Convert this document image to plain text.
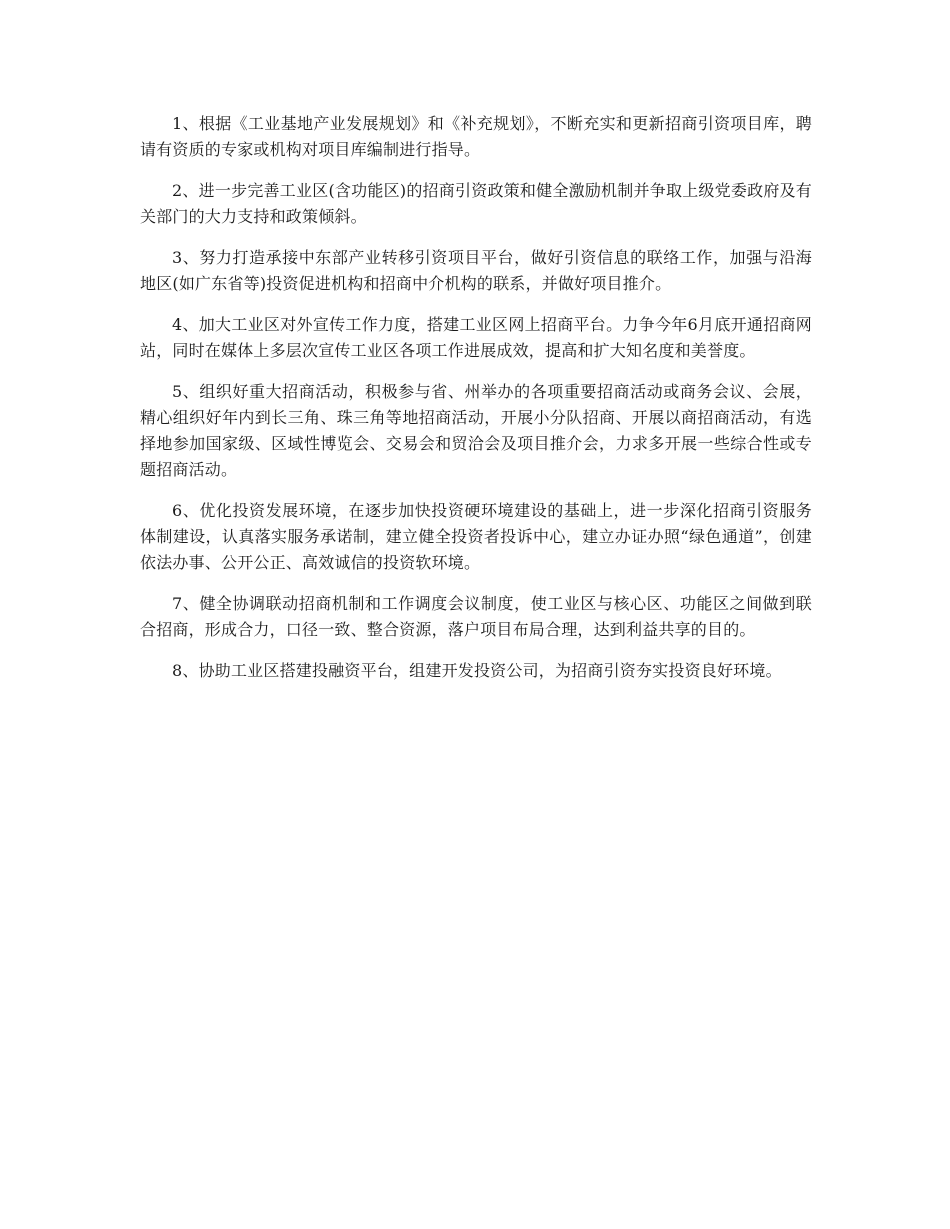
1、根据《工业基地产业发展规划》和《补充规划》，不断充实和更新招商引资项目库，聘请有资质的专家或机构对项目库编制进行指导。

2、进一步完善工业区(含功能区)的招商引资政策和健全激励机制并争取上级党委政府及有关部门的大力支持和政策倾斜。

3、努力打造承接中东部产业转移引资项目平台，做好引资信息的联络工作，加强与沿海地区(如广东省等)投资促进机构和招商中介机构的联系，并做好项目推介。

4、加大工业区对外宣传工作力度，搭建工业区网上招商平台。力争今年6月底开通招商网站，同时在媒体上多层次宣传工业区各项工作进展成效，提高和扩大知名度和美誉度。

5、组织好重大招商活动，积极参与省、州举办的各项重要招商活动或商务会议、会展，精心组织好年内到长三角、珠三角等地招商活动，开展小分队招商、开展以商招商活动，有选择地参加国家级、区域性博览会、交易会和贸洽会及项目推介会，力求多开展一些综合性或专题招商活动。

6、优化投资发展环境，在逐步加快投资硬环境建设的基础上，进一步深化招商引资服务体制建设，认真落实服务承诺制，建立健全投资者投诉中心，建立办证办照“绿色通道”，创建依法办事、公开公正、高效诚信的投资软环境。

7、健全协调联动招商机制和工作调度会议制度，使工业区与核心区、功能区之间做到联合招商，形成合力，口径一致、整合资源，落户项目布局合理，达到利益共享的目的。

8、协助工业区搭建投融资平台，组建开发投资公司，为招商引资夯实投资良好环境。
